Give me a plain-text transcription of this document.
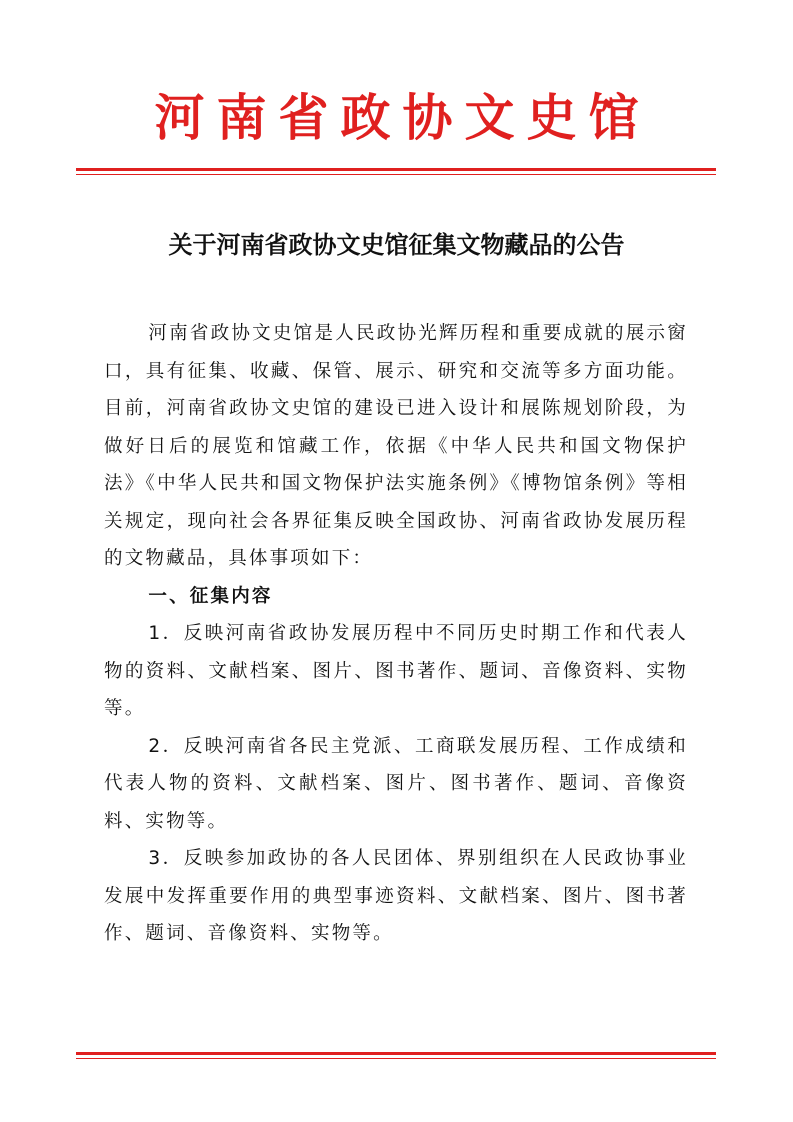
河南省政协文史馆
关于河南省政协文史馆征集文物藏品的公告

河南省政协文史馆是人民政协光辉历程和重要成就的展示窗口，具有征集、收藏、保管、展示、研究和交流等多方面功能。目前，河南省政协文史馆的建设已进入设计和展陈规划阶段，为做好日后的展览和馆藏工作，依据《中华人民共和国文物保护法》《中华人民共和国文物保护法实施条例》《博物馆条例》等相关规定，现向社会各界征集反映全国政协、河南省政协发展历程的文物藏品，具体事项如下：

一、征集内容

1．反映河南省政协发展历程中不同历史时期工作和代表人物的资料、文献档案、图片、图书著作、题词、音像资料、实物等。

2．反映河南省各民主党派、工商联发展历程、工作成绩和代表人物的资料、文献档案、图片、图书著作、题词、音像资料、实物等。

3．反映参加政协的各人民团体、界别组织在人民政协事业发展中发挥重要作用的典型事迹资料、文献档案、图片、图书著作、题词、音像资料、实物等。
